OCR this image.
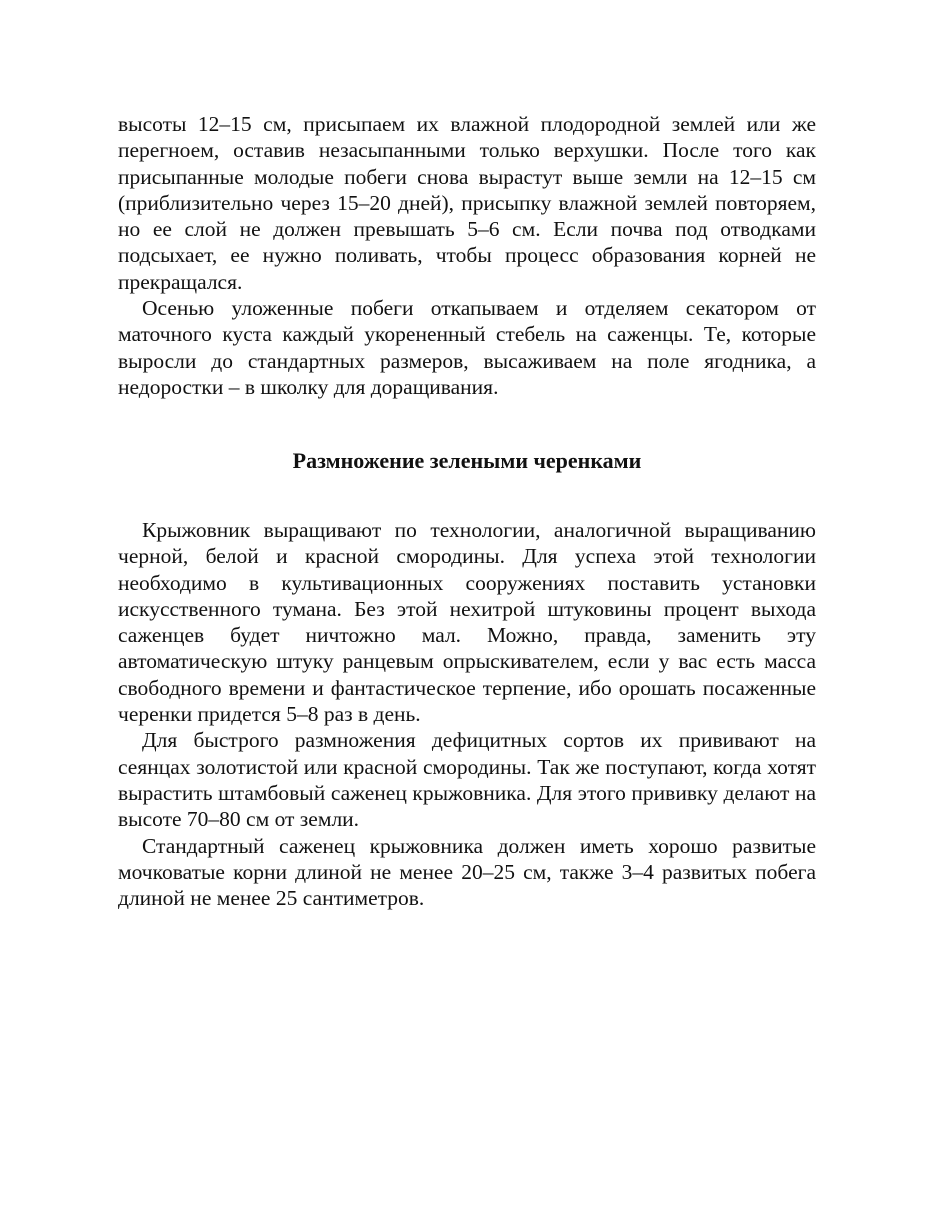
высоты 12–15 см, присыпаем их влажной плодородной землей или же перегноем, оставив незасыпанными только верхушки. После того как присыпанные молодые побеги снова вырастут выше земли на 12–15 см (приблизительно через 15–20 дней), присыпку влажной землей повторяем, но ее слой не должен превышать 5–6 см. Если почва под отводками подсыхает, ее нужно поливать, чтобы процесс образования корней не прекращался.

Осенью уложенные побеги откапываем и отделяем секатором от маточного куста каждый укорененный стебель на саженцы. Те, которые выросли до стандартных размеров, высаживаем на поле ягодника, а недоростки – в школку для доращивания.

Размножение зелеными черенками

Крыжовник выращивают по технологии, аналогичной выращиванию черной, белой и красной смородины. Для успеха этой технологии необходимо в культивационных сооружениях поставить установки искусственного тумана. Без этой нехитрой штуковины процент выхода саженцев будет ничтожно мал. Можно, правда, заменить эту автоматическую штуку ранцевым опрыскивателем, если у вас есть масса свободного времени и фантастическое терпение, ибо орошать посаженные черенки придется 5–8 раз в день.

Для быстрого размножения дефицитных сортов их прививают на сеянцах золотистой или красной смородины. Так же поступают, когда хотят вырастить штамбовый саженец крыжовника. Для этого прививку делают на высоте 70–80 см от земли.

Стандартный саженец крыжовника должен иметь хорошо развитые мочковатые корни длиной не менее 20–25 см, также 3–4 развитых побега длиной не менее 25 сантиметров.
